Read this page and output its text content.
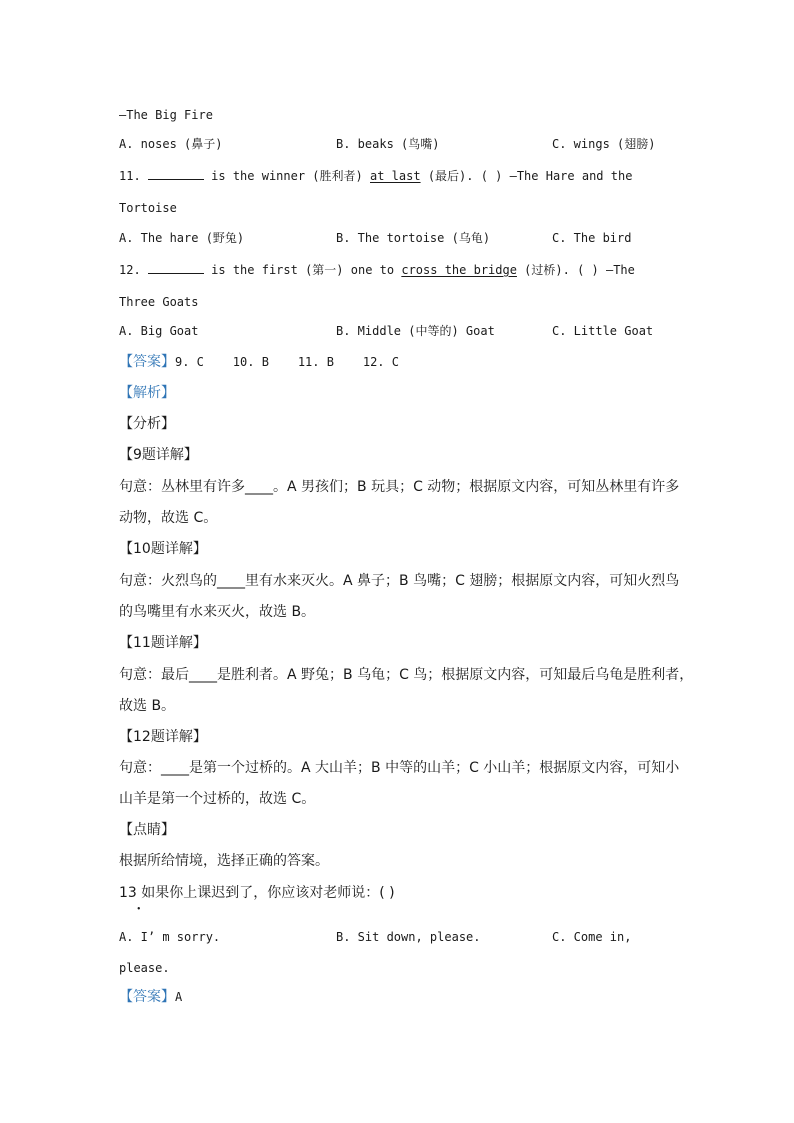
—The Big Fire
A. noses (鼻子)	B. beaks (鸟嘴)	C. wings (翅膀)
11.	is the winner (胜利者) at last (最后). ( ) —The Hare and the
Tortoise
A. The hare (野兔)	B. The tortoise (乌龟)	C. The bird
12.	is the first (第一) one to cross the bridge (过桥). ( ) —The
Three Goats
A. Big Goat	B. Middle (中等的) Goat	C. Little Goat
【答案】9. C    10. B    11. B    12. C
【解析】
【分析】
【9题详解】
句意：丛林里有许多____。A 男孩们；B 玩具；C 动物；根据原文内容，可知丛林里有许多
动物，故选 C。
【10题详解】
句意：火烈鸟的____里有水来灭火。A 鼻子；B 鸟嘴；C 翅膀；根据原文内容，可知火烈鸟
的鸟嘴里有水来灭火，故选 B。
【11题详解】
句意：最后____是胜利者。A 野兔；B 乌龟；C 鸟；根据原文内容，可知最后乌龟是胜利者，
故选 B。
【12题详解】
句意：____是第一个过桥的。A 大山羊；B 中等的山羊；C 小山羊；根据原文内容，可知小
山羊是第一个过桥的，故选 C。
【点睛】
根据所给情境，选择正确的答案。
13 如果你上课迟到了，你应该对老师说：( )
•
A. I’ m sorry.	B. Sit down, please.	C. Come in,
please.
【答案】A
